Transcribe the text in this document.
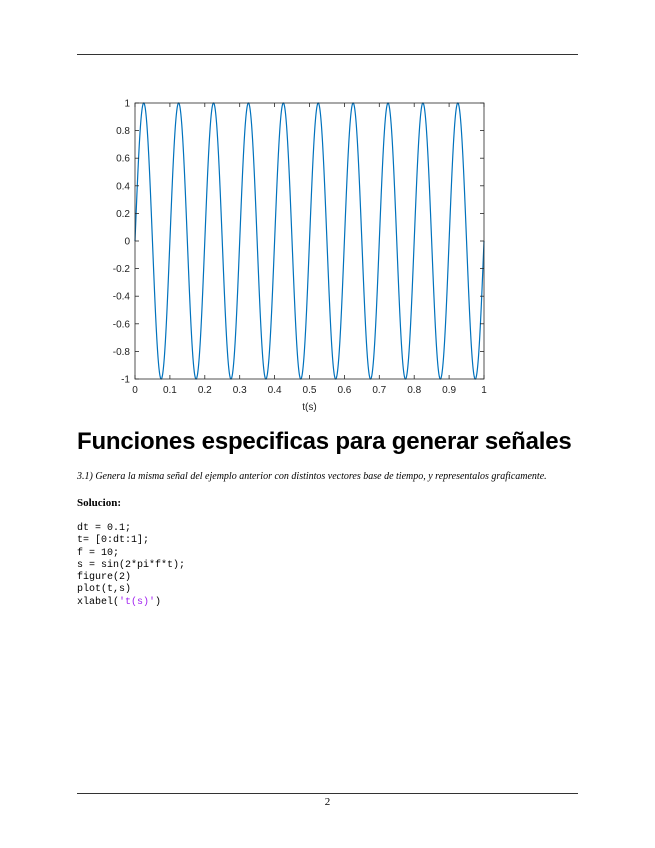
0	0.1 0.2 0.3 0.4 0.5 0.6 0.7 0.8 0.9	1
-1
-0.8
-0.6
-0.4
-0.2
0
0.2
0.4
0.6
0.8
1
t(s)
Funciones especificas para generar señales

3.1) Genera la misma señal del ejemplo anterior con distintos vectores base de tiempo, y representalos graficamente.

Solucion:

dt = 0.1;
t= [0:dt:1];
f = 10;
s = sin(2*pi*f*t);
figure(2)
plot(t,s)
xlabel('t(s)')

2
